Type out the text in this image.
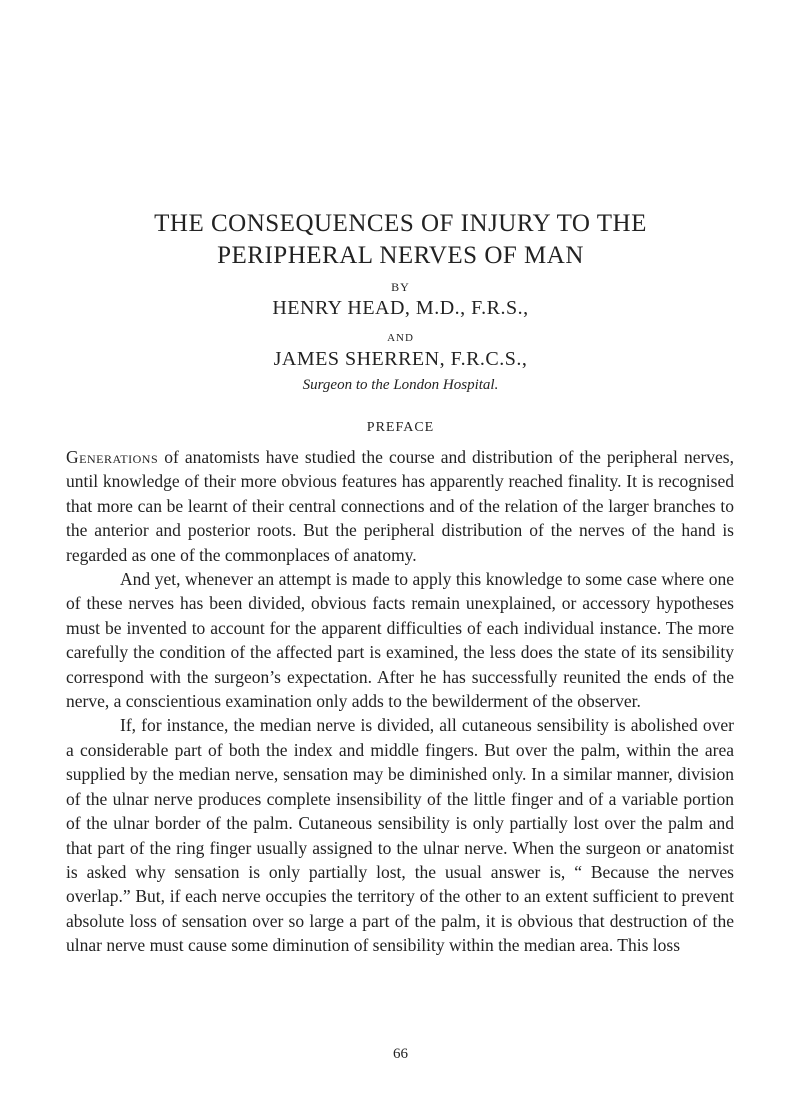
THE CONSEQUENCES OF INJURY TO THE
PERIPHERAL NERVES OF MAN

BY

HENRY HEAD, M.D., F.R.S.,

AND

JAMES SHERREN, F.R.C.S.,

Surgeon to the London Hospital.

PREFACE

Generations of anatomists have studied the course and distribution of the peripheral nerves, until knowledge of their more obvious features has apparently reached finality. It is recognised that more can be learnt of their central connections and of the relation of the larger branches to the anterior and posterior roots. But the peripheral distribution of the nerves of the hand is regarded as one of the commonplaces of anatomy.

And yet, whenever an attempt is made to apply this knowledge to some case where one of these nerves has been divided, obvious facts remain unexplained, or accessory hypotheses must be invented to account for the apparent difficulties of each individual instance. The more carefully the condition of the affected part is examined, the less does the state of its sensibility correspond with the surgeon’s expectation. After he has successfully reunited the ends of the nerve, a conscientious examination only adds to the bewilderment of the observer.

If, for instance, the median nerve is divided, all cutaneous sensibility is abolished over a considerable part of both the index and middle fingers. But over the palm, within the area supplied by the median nerve, sensation may be diminished only. In a similar manner, division of the ulnar nerve produces complete insensibility of the little finger and of a variable portion of the ulnar border of the palm. Cutaneous sensibility is only partially lost over the palm and that part of the ring finger usually assigned to the ulnar nerve. When the surgeon or anatomist is asked why sensation is only partially lost, the usual answer is, “ Because the nerves overlap.” But, if each nerve occupies the territory of the other to an extent sufficient to prevent absolute loss of sensation over so large a part of the palm, it is obvious that destruction of the ulnar nerve must cause some diminution of sensibility within the median area. This loss

66
